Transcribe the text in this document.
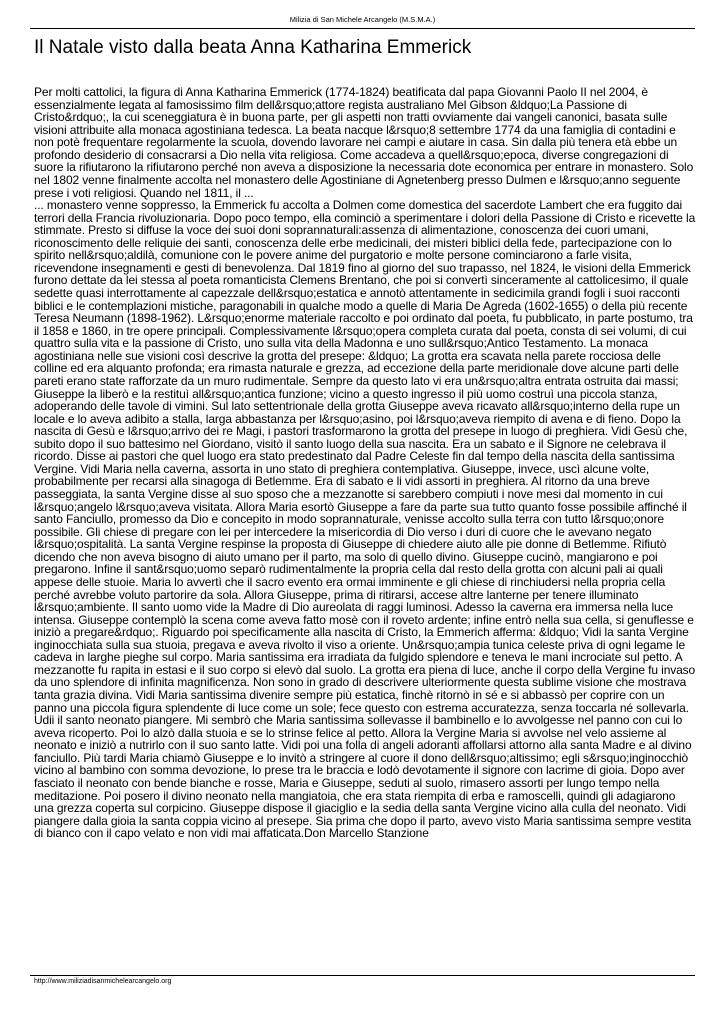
Milizia di San Michele Arcangelo (M.S.M.A.)
Il Natale visto dalla beata Anna Katharina Emmerick

Per molti cattolici, la figura di Anna Katharina Emmerick (1774-1824) beatificata dal papa Giovanni Paolo II nel 2004, è essenzialmente legata al famosissimo film dell&rsquo;attore regista australiano Mel Gibson &ldquo;La Passione di Cristo&rdquo;, la cui sceneggiatura è in buona parte, per gli aspetti non tratti ovviamente dai vangeli canonici, basata sulle visioni attribuite alla monaca agostiniana tedesca. La beata nacque l&rsquo;8 settembre 1774 da una famiglia di contadini e non potè frequentare regolarmente la scuola, dovendo lavorare nei campi e aiutare in casa. Sin dalla più tenera età ebbe un profondo desiderio di consacrarsi a Dio nella vita religiosa. Come accadeva a quell&rsquo;epoca, diverse congregazioni di suore la rifiutarono la rifiutarono perché non aveva a disposizione la necessaria dote economica per entrare in monastero. Solo nel 1802 venne finalmente accolta nel monastero delle Agostiniane di Agnetenberg presso Dulmen e l&rsquo;anno seguente prese i voti religiosi. Quando nel 1811, il ...

... monastero venne soppresso, la Emmerick fu accolta a Dolmen come domestica del sacerdote Lambert che era fuggito dai terrori della Francia rivoluzionaria. Dopo poco tempo, ella cominciò a sperimentare i dolori della Passione di Cristo e ricevette la stimmate. Presto si diffuse la voce dei suoi doni soprannaturali:assenza di alimentazione, conoscenza dei cuori umani, riconoscimento delle reliquie dei santi, conoscenza delle erbe medicinali, dei misteri biblici della fede, partecipazione con lo spirito nell&rsquo;aldilà, comunione con le povere anime del purgatorio e molte persone cominciarono a farle visita, ricevendone insegnamenti e gesti di benevolenza. Dal 1819 fino al giorno del suo trapasso, nel 1824, le visioni della Emmerick furono dettate da lei stessa al poeta romanticista Clemens Brentano, che poi si convertì sinceramente al cattolicesimo, il quale sedette quasi interrottamente al capezzale dell&rsquo;estatica e annotò attentamente in sedicimila grandi fogli i suoi racconti biblici e le contemplazioni mistiche, paragonabili in qualche modo a quelle di Maria De Agreda (1602-1655) o della più recente Teresa Neumann (1898-1962). L&rsquo;enorme materiale raccolto e poi ordinato dal poeta, fu pubblicato, in parte postumo, tra il 1858 e 1860, in tre opere principali. Complessivamente l&rsquo;opera completa curata dal poeta, consta di sei volumi, di cui quattro sulla vita e la passione di Cristo, uno sulla vita della Madonna e uno sull&rsquo;Antico Testamento. La monaca agostiniana nelle sue visioni così descrive la grotta del presepe: &ldquo; La grotta era scavata nella parete rocciosa delle colline ed era alquanto profonda; era rimasta naturale e grezza, ad eccezione della parte meridionale dove alcune parti delle pareti erano state rafforzate da un muro rudimentale. Sempre da questo lato vi era un&rsquo;altra entrata ostruita dai massi; Giuseppe la liberò e la restituì all&rsquo;antica funzione; vicino a questo ingresso il più uomo costruì una piccola stanza, adoperando delle tavole di vimini. Sul lato settentrionale della grotta Giuseppe aveva ricavato all&rsquo;interno della rupe un locale e lo aveva adibito a stalla, larga abbastanza per l&rsquo;asino, poi l&rsquo;aveva riempito di avena e di fieno. Dopo la nascita di Gesù e l&rsquo;arrivo dei re Magi, i pastori trasformarono la grotta del presepe in luogo di preghiera. Vidi Gesù che, subito dopo il suo battesimo nel Giordano, visitò il santo luogo della sua nascita. Era un sabato e il Signore ne celebrava il ricordo. Disse ai pastori che quel luogo era stato predestinato dal Padre Celeste fin dal tempo della nascita della santissima Vergine. Vidi Maria nella caverna, assorta in uno stato di preghiera contemplativa. Giuseppe, invece, uscì alcune volte, probabilmente per recarsi alla sinagoga di Betlemme. Era di sabato e li vidi assorti in preghiera. Al ritorno da una breve passeggiata, la santa Vergine disse al suo sposo che a mezzanotte si sarebbero compiuti i nove mesi dal momento in cui l&rsquo;angelo l&rsquo;aveva visitata. Allora Maria esortò Giuseppe a fare da parte sua tutto quanto fosse possibile affinché il santo Fanciullo, promesso da Dio e concepito in modo soprannaturale, venisse accolto sulla terra con tutto l&rsquo;onore possibile. Gli chiese di pregare con lei per intercedere la misericordia di Dio verso i duri di cuore che le avevano negato l&rsquo;ospitalità. La santa Vergine respinse la proposta di Giuseppe di chiedere aiuto alle pie donne di Betlemme. Rifiutò dicendo che non aveva bisogno di aiuto umano per il parto, ma solo di quello divino. Giuseppe cucinò, mangiarono e poi pregarono. Infine il sant&rsquo;uomo separò rudimentalmente la propria cella dal resto della grotta con alcuni pali ai quali appese delle stuoie. Maria lo avvertì che il sacro evento era ormai imminente e gli chiese di rinchiudersi nella propria cella perché avrebbe voluto partorire da sola. Allora Giuseppe, prima di ritirarsi, accese altre lanterne per tenere illuminato l&rsquo;ambiente. Il santo uomo vide la Madre di Dio aureolata di raggi luminosi. Adesso la caverna era immersa nella luce intensa. Giuseppe contemplò la scena come aveva fatto mosè con il roveto ardente; infine entrò nella sua cella, si genuflesse e iniziò a pregare&rdquo;. Riguardo poi specificamente alla nascita di Cristo, la Emmerich afferma: &ldquo; Vidi la santa Vergine inginocchiata sulla sua stuoia, pregava e aveva rivolto il viso a oriente. Un&rsquo;ampia tunica celeste priva di ogni legame le cadeva in larghe pieghe sul corpo. Maria santissima era irradiata da fulgido splendore e teneva le mani incrociate sul petto. A mezzanotte fu rapita in estasi e il suo corpo si elevò dal suolo. La grotta era piena di luce, anche il corpo della Vergine fu invaso da uno splendore di infinita magnificenza. Non sono in grado di descrivere ulteriormente questa sublime visione che mostrava tanta grazia divina. Vidi Maria santissima divenire sempre più estatica, finchè ritornò in sé e si abbassò per coprire con un panno una piccola figura splendente di luce come un sole; fece questo con estrema accuratezza, senza toccarla né sollevarla. Udii il santo neonato piangere. Mi sembrò che Maria santissima sollevasse il bambinello e lo avvolgesse nel panno con cui lo aveva ricoperto. Poi lo alzò dalla stuoia e se lo strinse felice al petto. Allora la Vergine Maria si avvolse nel velo assieme al neonato e iniziò a nutrirlo con il suo santo latte. Vidi poi una folla di angeli adoranti affollarsi attorno alla santa Madre e al divino fanciullo. Più tardi Maria chiamò Giuseppe e lo invitò a stringere al cuore il dono dell&rsquo;altissimo; egli s&rsquo;inginocchiò vicino al bambino con somma devozione, lo prese tra le braccia e lodò devotamente il signore con lacrime di gioia. Dopo aver fasciato il neonato con bende bianche e rosse, Maria e Giuseppe, seduti al suolo, rimasero assorti per lungo tempo nella meditazione. Poi posero il divino neonato nella mangiatoia, che era stata riempita di erba e ramoscelli, quindi gli adagiarono una grezza coperta sul corpicino. Giuseppe dispose il giaciglio e la sedia della santa Vergine vicino alla culla del neonato. Vidi piangere dalla gioia la santa coppia vicino al presepe. Sia prima che dopo il parto, avevo visto Maria santissima sempre vestita di bianco con il capo velato e non vidi mai affaticata.Don Marcello Stanzione

http://www.miliziadisanmichelearcangelo.org
